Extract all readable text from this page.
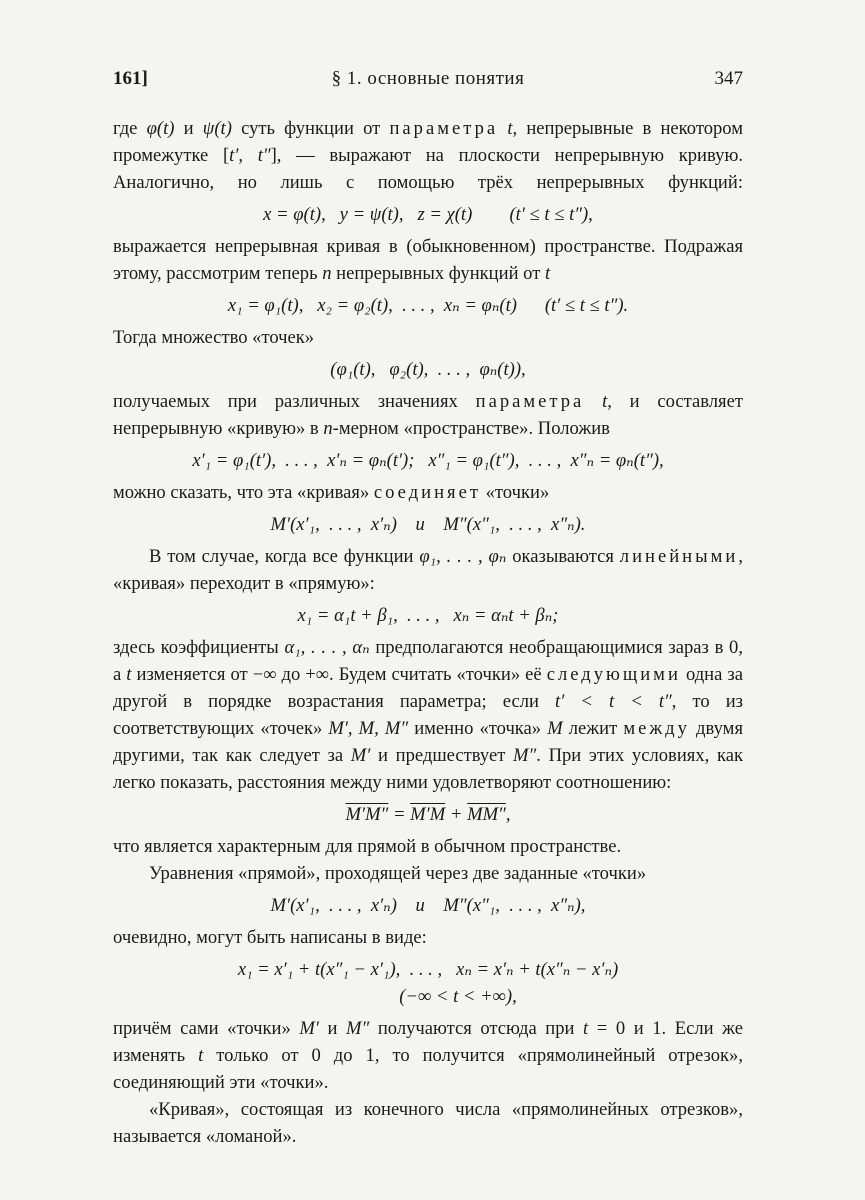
161]	§ 1. основные понятия	347

где φ(t) и ψ(t) суть функции от параметра t, непрерывные в некотором промежутке [t′, t″], — выражают на плоскости непрерывную кривую. Аналогично, но лишь с помощью трёх непрерывных функций:

x = φ(t),   y = ψ(t),   z = χ(t)        (t′ ≤ t ≤ t″),

выражается непрерывная кривая в (обыкновенном) пространстве. Подражая этому, рассмотрим теперь n непрерывных функций от t

x₁ = φ₁(t),   x₂ = φ₂(t),  . . . ,  xₙ = φₙ(t)      (t′ ≤ t ≤ t″).

Тогда множество «точек»

(φ₁(t),   φ₂(t),  . . . ,  φₙ(t)),

получаемых при различных значениях параметра t, и составляет непрерывную «кривую» в n-мерном «пространстве». Положив

x′₁ = φ₁(t′),  . . . ,  x′ₙ = φₙ(t′);   x″₁ = φ₁(t″),  . . . ,  x″ₙ = φₙ(t″),

можно сказать, что эта «кривая» соединяет «точки»

M′(x′₁,  . . . ,  x′ₙ)    и    M″(x″₁,  . . . ,  x″ₙ).

В том случае, когда все функции φ₁, . . . , φₙ оказываются линейными, «кривая» переходит в «прямую»:

x₁ = α₁t + β₁,  . . . ,   xₙ = αₙt + βₙ;

здесь коэффициенты α₁, . . . , αₙ предполагаются необращающимися зараз в 0, а t изменяется от −∞ до +∞. Будем считать «точки» её следующими одна за другой в порядке возрастания параметра; если t′ < t < t″, то из соответствующих «точек» M′, M, M″ именно «точка» M лежит между двумя другими, так как следует за M′ и предшествует M″. При этих условиях, как легко показать, расстояния между ними удовлетворяют соотношению:

M′M″ = M′M + MM″,

что является характерным для прямой в обычном пространстве.

Уравнения «прямой», проходящей через две заданные «точки»

M′(x′₁,  . . . ,  x′ₙ)    и    M″(x″₁,  . . . ,  x″ₙ),

очевидно, могут быть написаны в виде:

x₁ = x′₁ + t(x″₁ − x′₁),  . . . ,   xₙ = x′ₙ + t(x″ₙ − x′ₙ)
(−∞ < t < +∞),

причём сами «точки» M′ и M″ получаются отсюда при t = 0 и 1. Если же изменять t только от 0 до 1, то получится «прямолинейный отрезок», соединяющий эти «точки».

«Кривая», состоящая из конечного числа «прямолинейных отрезков», называется «ломаной».
